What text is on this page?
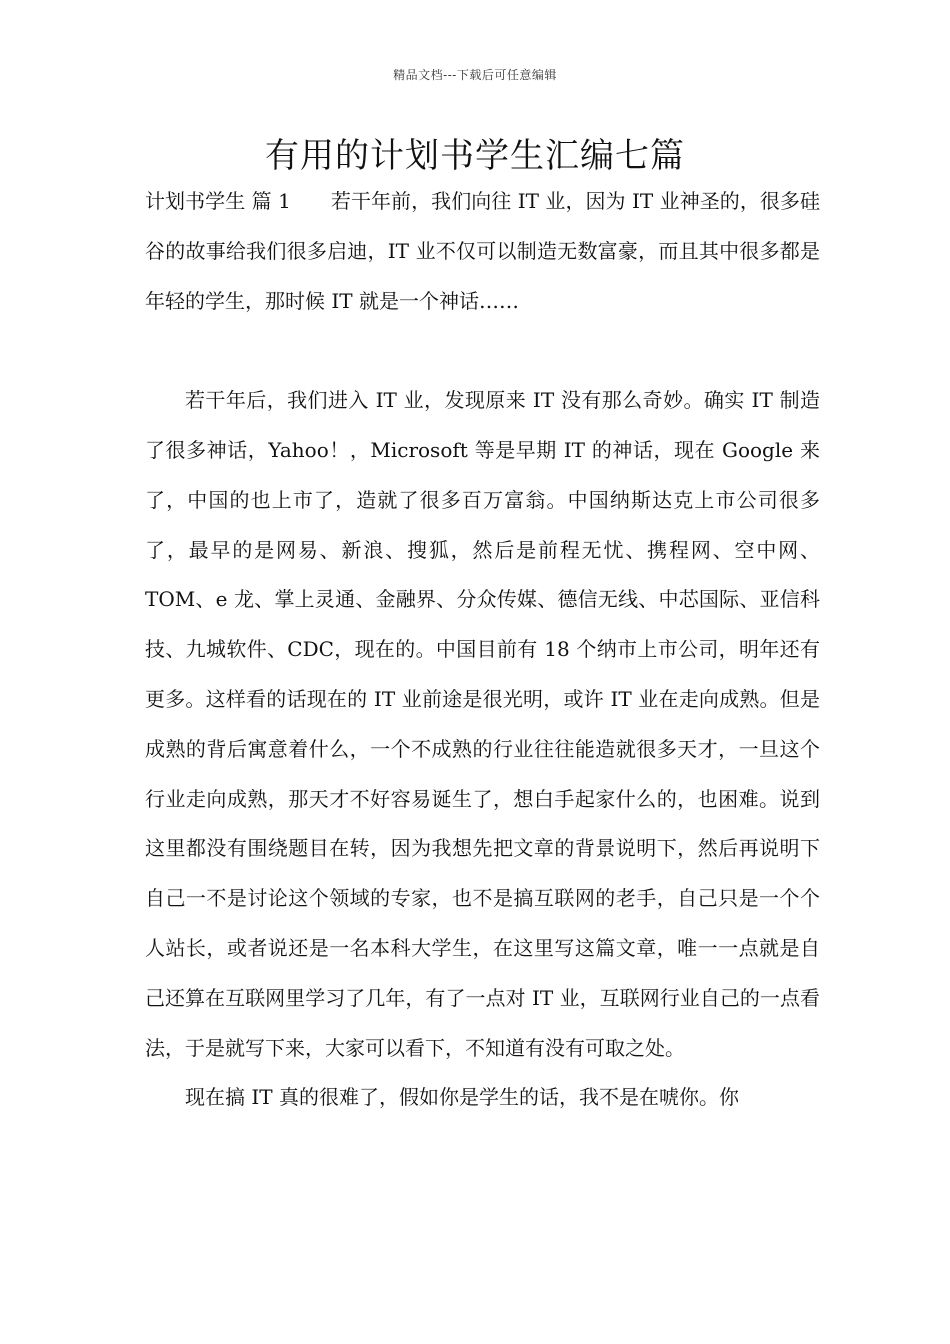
精品文档---下载后可任意编辑
有用的计划书学生汇编七篇

计划书学生 篇 1 若干年前，我们向往 IT 业，因为 IT 业神圣的，很多硅谷的故事给我们很多启迪，IT 业不仅可以制造无数富豪，而且其中很多都是年轻的学生，那时候 IT 就是一个神话……

若干年后，我们进入 IT 业，发现原来 IT 没有那么奇妙。确实 IT 制造了很多神话，Yahoo！，Microsoft 等是早期 IT 的神话，现在 Google 来了，中国的也上市了，造就了很多百万富翁。中国纳斯达克上市公司很多了，最早的是网易、新浪、搜狐，然后是前程无忧、携程网、空中网、TOM、e 龙、掌上灵通、金融界、分众传媒、德信无线、中芯国际、亚信科技、九城软件、CDC，现在的。中国目前有 18 个纳市上市公司，明年还有更多。这样看的话现在的 IT 业前途是很光明，或许 IT 业在走向成熟。但是成熟的背后寓意着什么，一个不成熟的行业往往能造就很多天才，一旦这个行业走向成熟，那天才不好容易诞生了，想白手起家什么的，也困难。说到这里都没有围绕题目在转，因为我想先把文章的背景说明下，然后再说明下自己一不是讨论这个领域的专家，也不是搞互联网的老手，自己只是一个个人站长，或者说还是一名本科大学生，在这里写这篇文章，唯一一点就是自己还算在互联网里学习了几年，有了一点对 IT 业，互联网行业自己的一点看法，于是就写下来，大家可以看下，不知道有没有可取之处。

现在搞 IT 真的很难了，假如你是学生的话，我不是在唬你。你
